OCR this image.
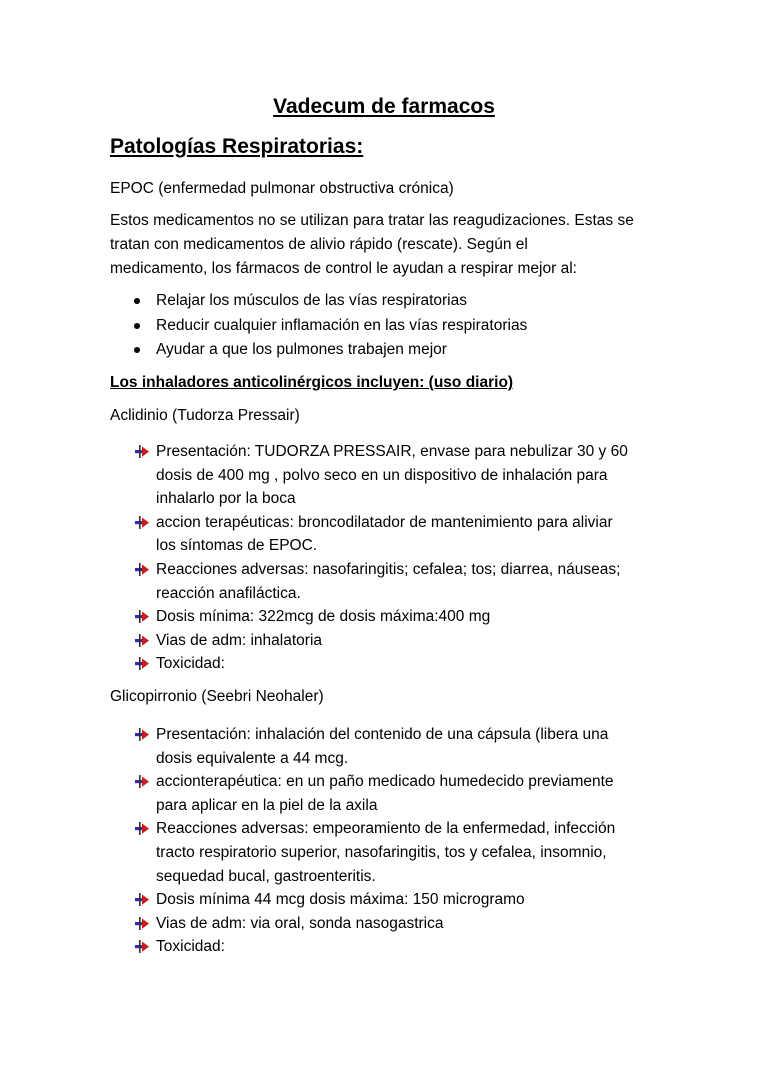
Vadecum de farmacos
Patologías Respiratorias:
EPOC (enfermedad pulmonar obstructiva crónica)
Estos medicamentos no se utilizan para tratar las reagudizaciones. Estas se
tratan con medicamentos de alivio rápido (rescate). Según el
medicamento, los fármacos de control le ayudan a respirar mejor al:
Relajar los músculos de las vías respiratorias
Reducir cualquier inflamación en las vías respiratorias
Ayudar a que los pulmones trabajen mejor
Los inhaladores anticolinérgicos incluyen: (uso diario)
Aclidinio (Tudorza Pressair)
Presentación: TUDORZA PRESSAIR, envase para nebulizar 30 y 60
dosis de 400 mg , polvo seco en un dispositivo de inhalación para
inhalarlo por la boca
accion terapéuticas: broncodilatador de mantenimiento para aliviar
los síntomas de EPOC.
Reacciones adversas: nasofaringitis; cefalea; tos; diarrea, náuseas;
reacción anafiláctica.
Dosis mínima: 322mcg de dosis máxima:400 mg
Vias de adm: inhalatoria
Toxicidad:
Glicopirronio (Seebri Neohaler)
Presentación: inhalación del contenido de una cápsula (libera una
dosis equivalente a 44 mcg.
accionterapéutica: en un paño medicado humedecido previamente
para aplicar en la piel de la axila
Reacciones adversas: empeoramiento de la enfermedad, infección
tracto respiratorio superior, nasofaringitis, tos y cefalea, insomnio,
sequedad bucal, gastroenteritis.
Dosis mínima 44 mcg dosis máxima: 150 microgramo
Vias de adm: via oral, sonda nasogastrica
Toxicidad:
